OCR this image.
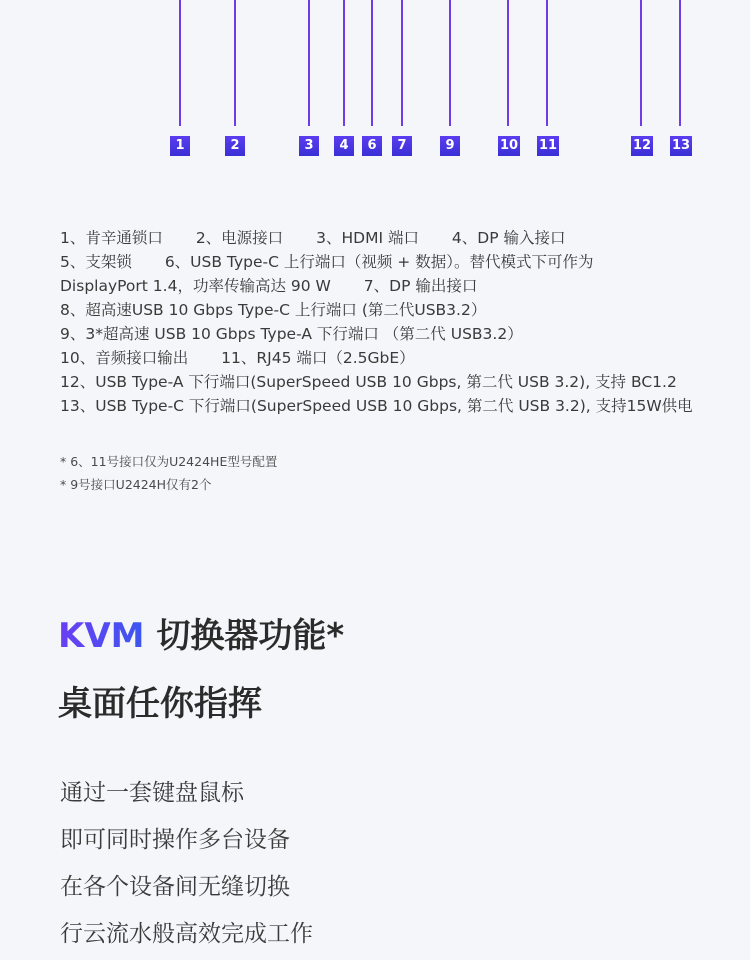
1	2	3	4	6	7	9	10 11	12 13
1、肯辛通锁口 2、电源接口 3、HDMI 端口 4、DP 输入接口
5、支架锁 6、USB Type-C 上行端口（视频 + 数据）。替代模式下可作为
DisplayPort 1.4，功率传输高达 90 W 7、DP 输出接口
8、超高速USB 10 Gbps Type-C 上行端口 (第二代USB3.2）
9、3*超高速 USB 10 Gbps Type-A 下行端口 （第二代 USB3.2）
10、音频接口输出 11、RJ45 端口（2.5GbE）
12、USB Type-A 下行端口(SuperSpeed USB 10 Gbps, 第二代 USB 3.2), 支持 BC1.2
13、USB Type-C 下行端口(SuperSpeed USB 10 Gbps, 第二代 USB 3.2), 支持15W供电
* 6、11号接口仅为U2424HE型号配置
* 9号接口U2424H仅有2个
KVM 切换器功能*
桌面任你指挥
通过一套键盘鼠标
即可同时操作多台设备
在各个设备间无缝切换
行云流水般高效完成工作
